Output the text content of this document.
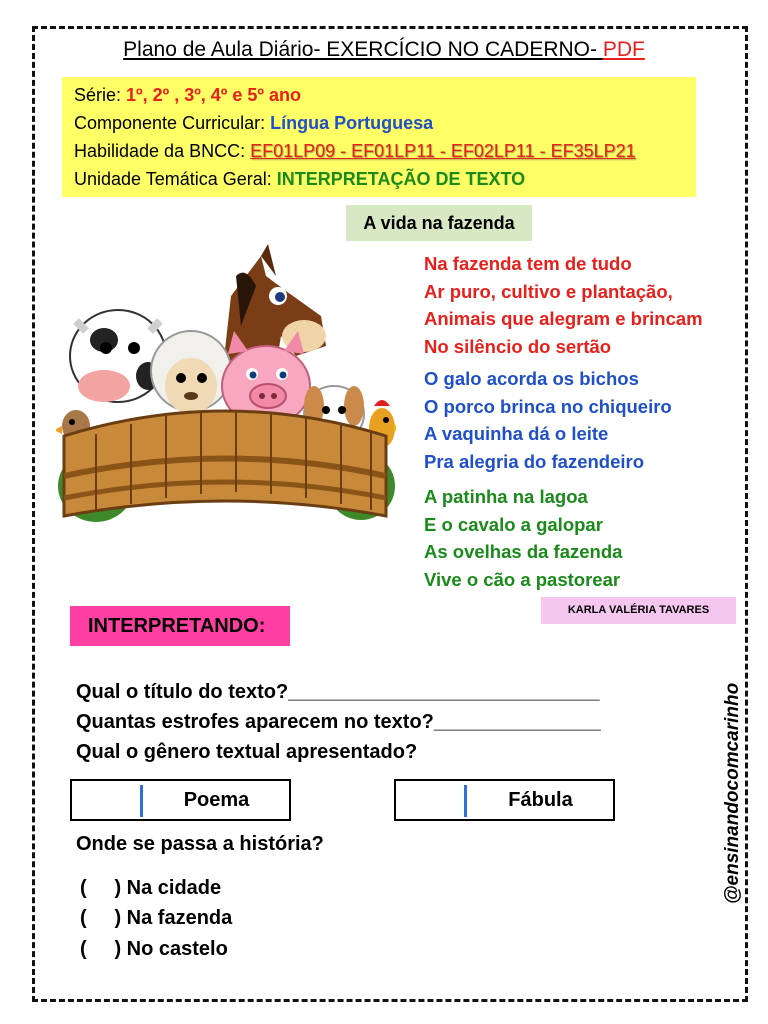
Plano de Aula Diário- EXERCÍCIO NO CADERNO- PDF
Série: 1º, 2º , 3º, 4º e 5º ano
Componente Curricular: Língua Portuguesa
Habilidade da BNCC: EF01LP09 - EF01LP11 - EF02LP11 - EF35LP21
Unidade Temática Geral: INTERPRETAÇÃO DE TEXTO
A vida na fazenda
Na fazenda tem de tudo
Ar puro, cultivo e plantação,
Animais que alegram e brincam
No silêncio do sertão
O galo acorda os bichos
O porco brinca no chiqueiro
A vaquinha dá o leite
Pra alegria do fazendeiro
A patinha na lagoa
E o cavalo a galopar
As ovelhas da fazenda
Vive o cão a pastorear
KARLA VALÉRIA TAVARES
INTERPRETANDO:
Qual o título do texto?____________________________
Quantas estrofes aparecem no texto?_______________
Qual o gênero textual apresentado?
Poema	Fábula
Onde se passa a história?
(     ) Na cidade
(     ) Na fazenda
(     ) No castelo
@ensinandocomcarinho
